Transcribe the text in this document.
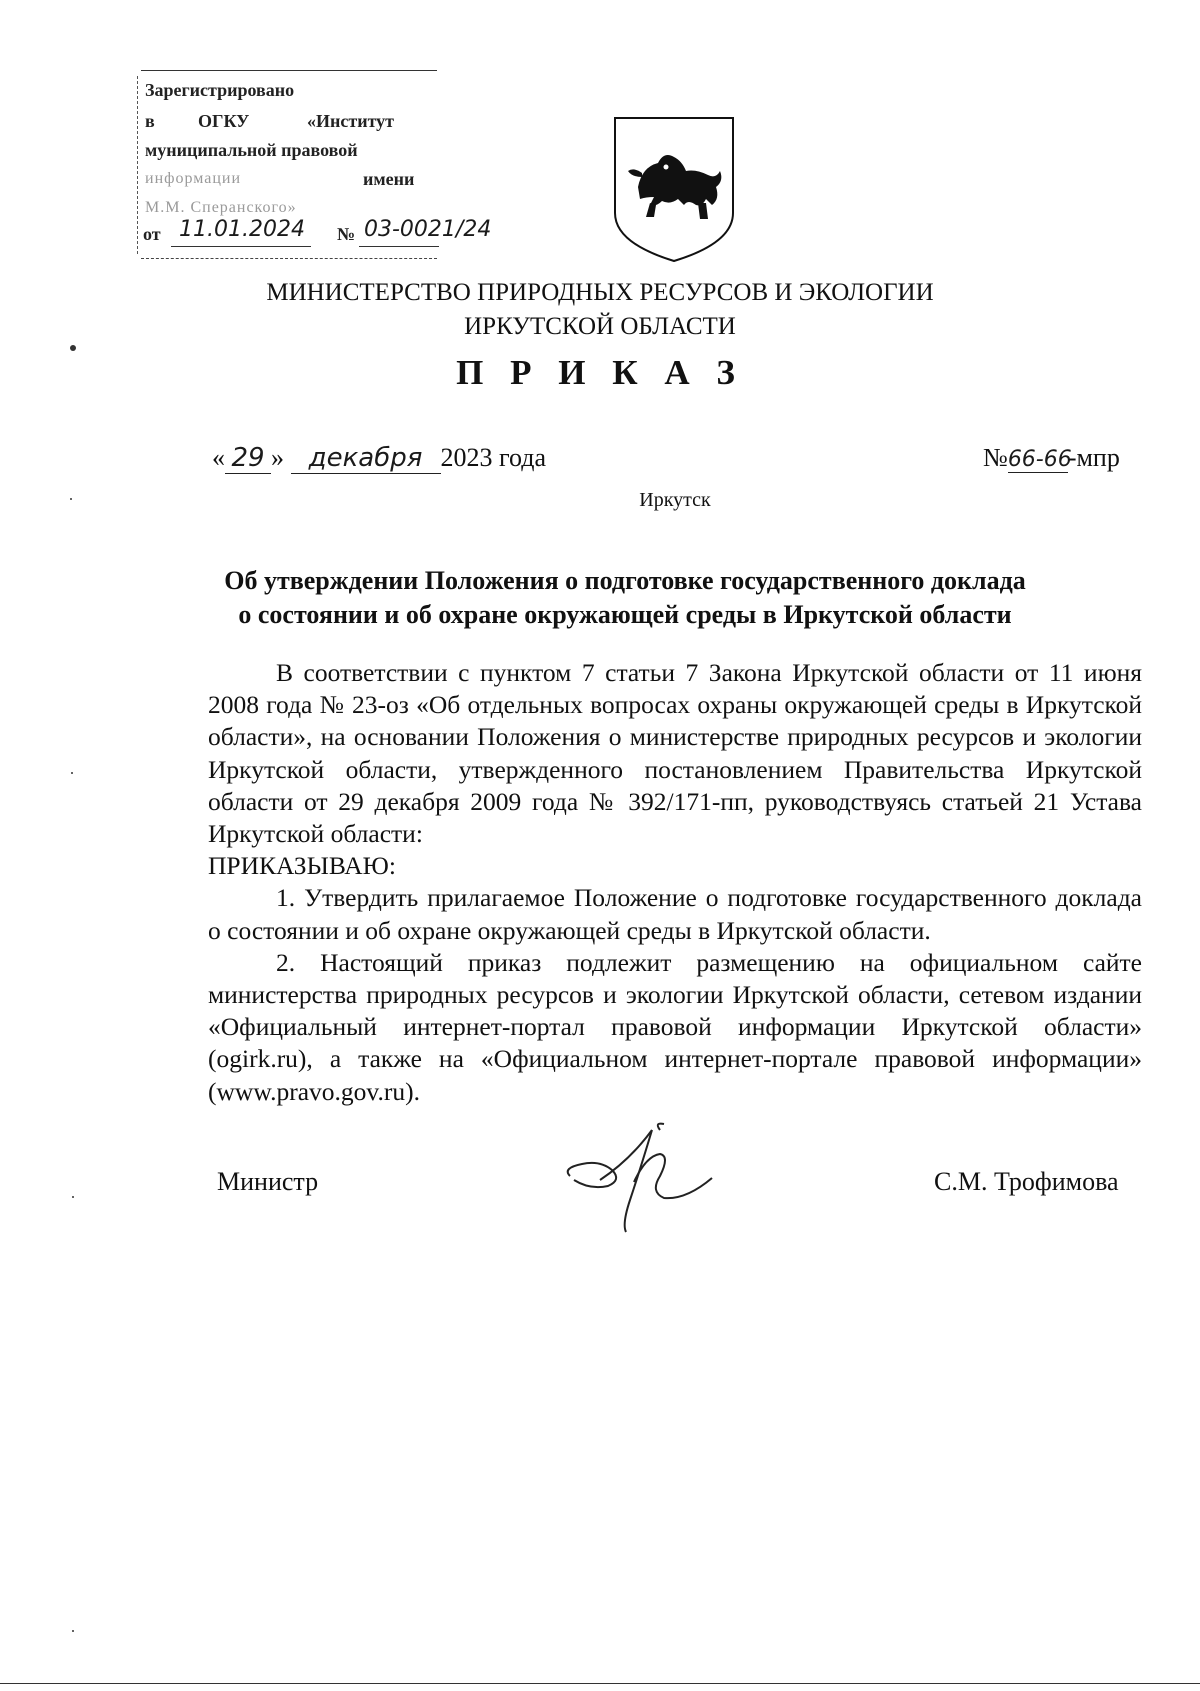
Зарегистрировано
в ОГКУ	«Институт
муниципальной правовой
информации	имени
М.М. Сперанского»
от 11.01.2024 № 03-0021/24
МИНИСТЕРСТВО ПРИРОДНЫХ РЕСУРСОВ И ЭКОЛОГИИ
ИРКУТСКОЙ ОБЛАСТИ
П Р И К А З
« 29 » декабря 2023 года	№66-66-мпр
Иркутск
Об утверждении Положения о подготовке государственного доклада
о состоянии и об охране окружающей среды в Иркутской области

В соответствии с пунктом 7 статьи 7 Закона Иркутской области от 11 июня 2008 года № 23-оз «Об отдельных вопросах охраны окружающей среды в Иркутской области», на основании Положения о министерстве природных ресурсов и экологии Иркутской области, утвержденного постановлением Правительства Иркутской области от 29 декабря 2009 года № 392/171-пп, руководствуясь статьей 21 Устава Иркутской области:

ПРИКАЗЫВАЮ:

1. Утвердить прилагаемое Положение о подготовке государственного доклада о состоянии и об охране окружающей среды в Иркутской области.

2. Настоящий приказ подлежит размещению на официальном сайте министерства природных ресурсов и экологии Иркутской области, сетевом издании «Официальный интернет-портал правовой информации Иркутской области» (ogirk.ru), а также на «Официальном интернет-портале правовой информации» (www.pravo.gov.ru).

Министр	С.М. Трофимова
